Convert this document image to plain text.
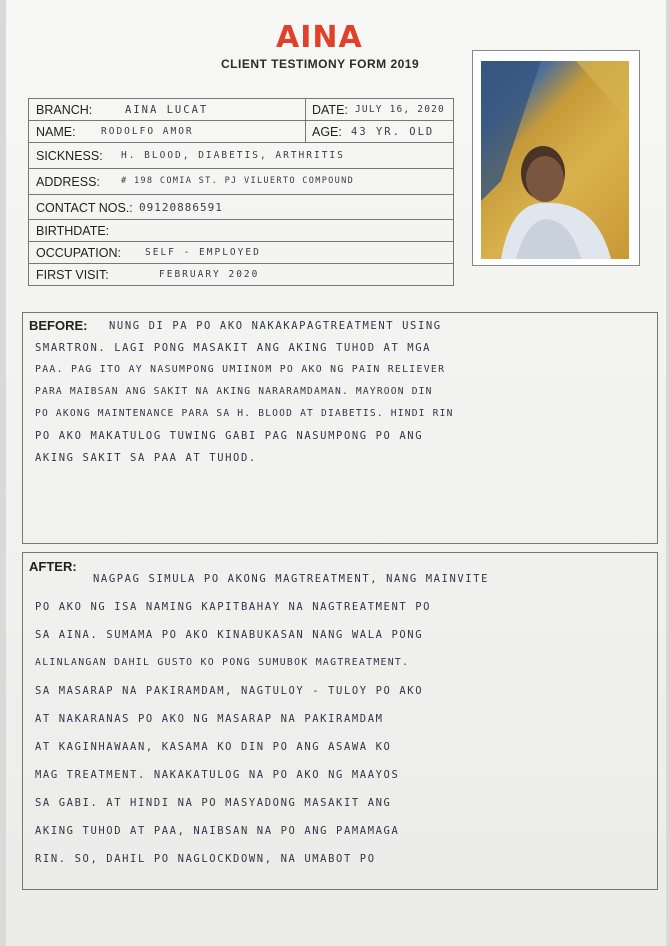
AINA
CLIENT TESTIMONY FORM 2019
BRANCH:	AINA LUCAT	DATE: JULY 16, 2020
NAME:	RODOLFO AMOR	AGE: 43 YR. OLD
SICKNESS: H. BLOOD, DIABETIS, ARTHRITIS
ADDRESS: # 198 COMIA ST. PJ VILUERTO COMPOUND
CONTACT NOS.: 09120886591
BIRTHDATE:
OCCUPATION:	SELF - EMPLOYED
FIRST VISIT:	FEBRUARY 2020
BEFORE: NUNG DI PA PO AKO NAKAKAPAGTREATMENT USING
SMARTRON. LAGI PONG MASAKIT ANG AKING TUHOD AT MGA
PAA. PAG ITO AY NASUMPONG UMIINOM PO AKO NG PAIN RELIEVER
PARA MAIBSAN ANG SAKIT NA AKING NARARAMDAMAN. MAYROON DIN
PO AKONG MAINTENANCE PARA SA H. BLOOD AT DIABETIS. HINDI RIN
PO AKO MAKATULOG TUWING GABI PAG NASUMPONG PO ANG
AKING SAKIT SA PAA AT TUHOD.
AFTER:
NAGPAG SIMULA PO AKONG MAGTREATMENT, NANG MAINVITE
PO AKO NG ISA NAMING KAPITBAHAY NA NAGTREATMENT PO
SA AINA. SUMAMA PO AKO KINABUKASAN NANG WALA PONG
ALINLANGAN DAHIL GUSTO KO PONG SUMUBOK MAGTREATMENT.
SA MASARAP NA PAKIRAMDAM, NAGTULOY - TULOY PO AKO
AT NAKARANAS PO AKO NG MASARAP NA PAKIRAMDAM
AT KAGINHAWAAN, KASAMA KO DIN PO ANG ASAWA KO
MAG TREATMENT. NAKAKATULOG NA PO AKO NG MAAYOS
SA GABI. AT HINDI NA PO MASYADONG MASAKIT ANG
AKING TUHOD AT PAA, NAIBSAN NA PO ANG PAMAMAGA
RIN. SO, DAHIL PO NAGLOCKDOWN, NA UMABOT PO
